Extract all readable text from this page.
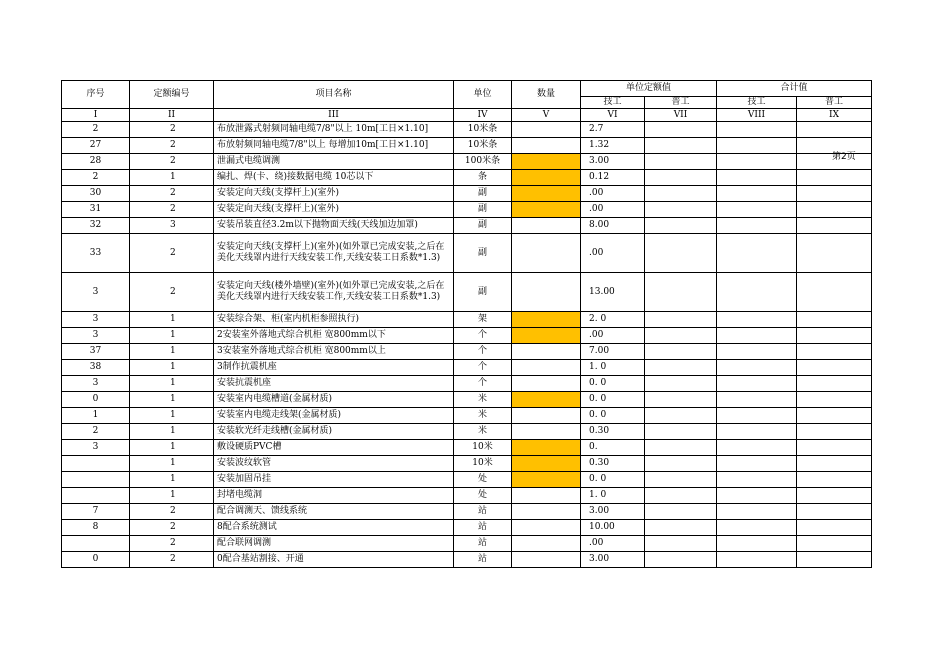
序号	定额编号	项目名称	单位	数量	单位定额值		合计值	
					技工	普工	技工	普工
I	II	III	IV	V	VI	VII	VIII	IX
2	2	布放泄露式射频同轴电缆7/8"以上 10m[工日×1.10]	10米条		2.7			
27	2	布放射频同轴电缆7/8"以上 每增加10m[工日×1.10]	10米条		1.32			
28	2	泄漏式电缆调测	100米条		3.00			
2	1	编扎、焊(卡、绕)接数据电缆 10芯以下	条		0.12			
30	2	安装定向天线(支撑杆上)(室外)	副		.00			
31	2	安装定向天线(支撑杆上)(室外)	副		.00			
32	3	安装吊装直径3.2m以下抛物面天线(天线加边加罩)	副		8.00			
33	2	安装定向天线(支撑杆上)(室外)(如外罩已完成安装,之后在美化天线罩内进行天线安装工作,天线安装工日系数*1.3)	副		.00			
3	2	安装定向天线(楼外墙壁)(室外)(如外罩已完成安装,之后在美化天线罩内进行天线安装工作,天线安装工日系数*1.3)	副		13.00			
3	1	安装综合架、柜(室内机柜参照执行)	架		2. 0			
3	1	2安装室外落地式综合机柜 宽800mm以下	个		.00			
37	1	3安装室外落地式综合机柜 宽800mm以上	个		7.00			
38	1	3制作抗震机座	个		1. 0			
3	1	安装抗震机座	个		0. 0			
0	1	安装室内电缆槽道(金属材质)	米		0. 0			
1	1	安装室内电缆走线架(金属材质)	米		0. 0			
2	1	安装软光纤走线槽(金属材质)	米		0.30			
3	1	敷设硬质PVC槽	10米		0.			

	1	安装波纹软管	10米		0.30			

	1	安装加固吊挂	处		0. 0			

	1	封堵电缆洞	处		1. 0			
7	2	配合调测天、馈线系统	站		3.00			
8	2	8配合系统测试	站		10.00			

	2	配合联网调测	站		.00			
0	2	0配合基站割接、开通	站		3.00			
第2页
